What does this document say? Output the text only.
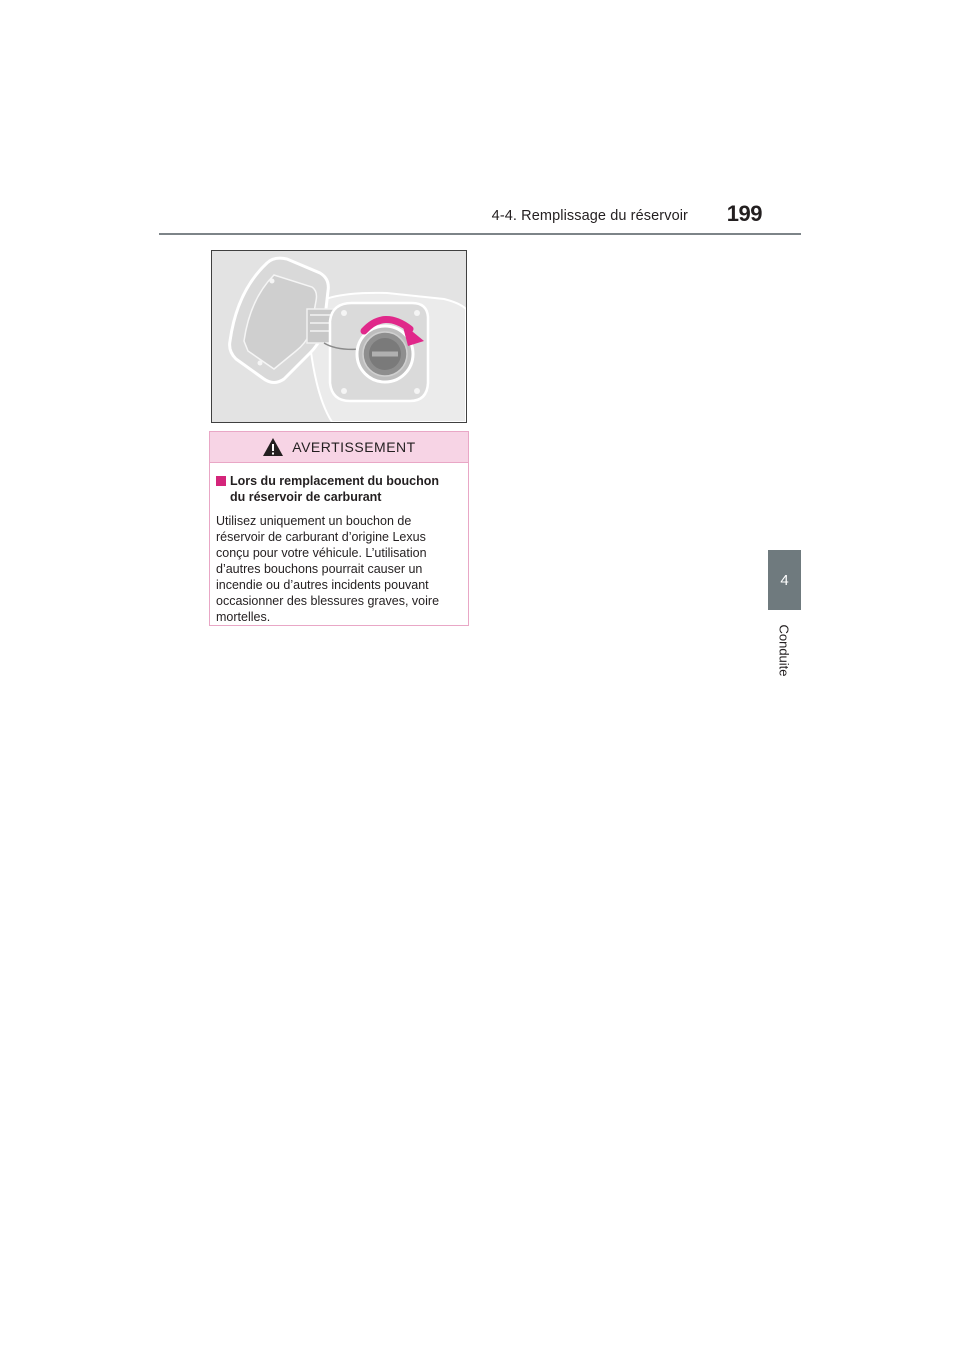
4-4. Remplissage du réservoir	199
4
Conduite
AVERTISSEMENT
Lors du remplacement du bouchon
du réservoir de carburant
Utilisez uniquement un bouchon de réservoir de carburant d’origine Lexus conçu pour votre véhicule. L’utilisation d’autres bouchons pourrait causer un incendie ou d’autres incidents pouvant occasionner des blessures graves, voire mortelles.
